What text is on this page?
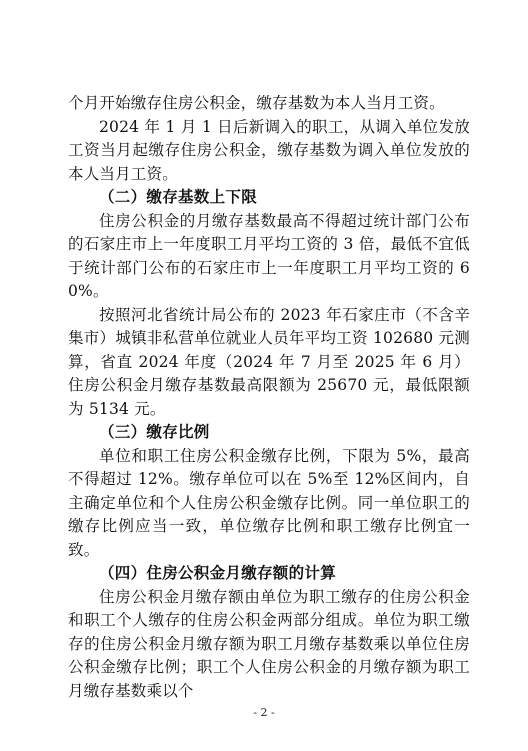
个月开始缴存住房公积金，缴存基数为本人当月工资。

2024 年 1 月 1 日后新调入的职工，从调入单位发放工资当月起缴存住房公积金，缴存基数为调入单位发放的本人当月工资。

（二）缴存基数上下限

住房公积金的月缴存基数最高不得超过统计部门公布的石家庄市上一年度职工月平均工资的 3 倍，最低不宜低于统计部门公布的石家庄市上一年度职工月平均工资的 60%。

按照河北省统计局公布的 2023 年石家庄市（不含辛集市）城镇非私营单位就业人员年平均工资 102680 元测算，省直 2024 年度（2024 年 7 月至 2025 年 6 月）住房公积金月缴存基数最高限额为 25670 元，最低限额为 5134 元。

（三）缴存比例

单位和职工住房公积金缴存比例，下限为 5%，最高不得超过 12%。缴存单位可以在 5%至 12%区间内，自主确定单位和个人住房公积金缴存比例。同一单位职工的缴存比例应当一致，单位缴存比例和职工缴存比例宜一致。

（四）住房公积金月缴存额的计算

住房公积金月缴存额由单位为职工缴存的住房公积金和职工个人缴存的住房公积金两部分组成。单位为职工缴存的住房公积金月缴存额为职工月缴存基数乘以单位住房公积金缴存比例；职工个人住房公积金的月缴存额为职工月缴存基数乘以个

- 2 -
